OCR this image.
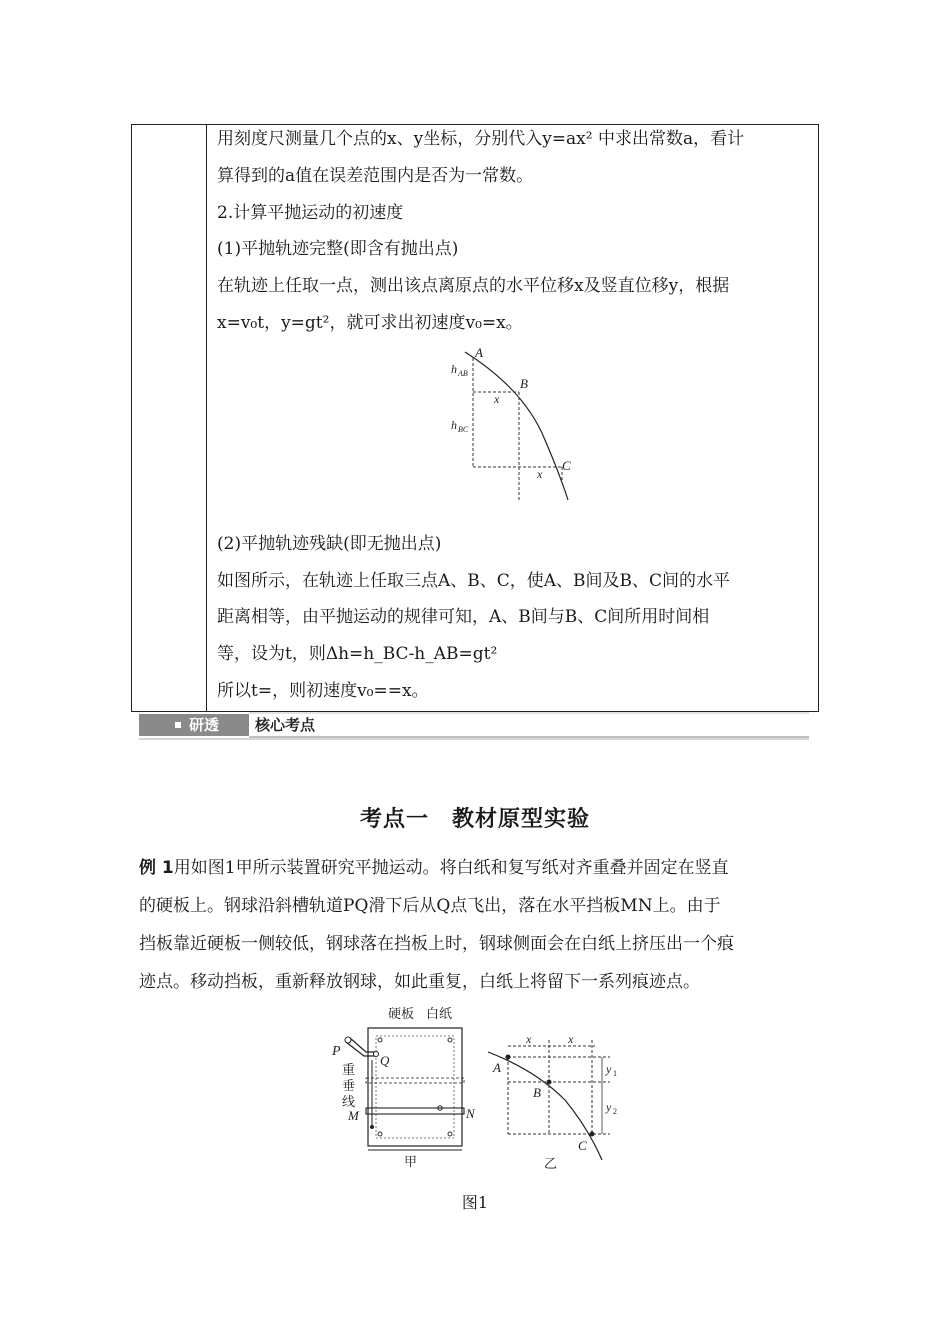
用刻度尺测量几个点的x、y坐标，分别代入y=ax² 中求出常数a，看计
算得到的a值在误差范围内是否为一常数。
2.计算平抛运动的初速度
(1)平抛轨迹完整(即含有抛出点)
在轨迹上任取一点，测出该点离原点的水平位移x及竖直位移y，根据
x=v₀t，y=gt²，就可求出初速度v₀=x。
A
B
C
h AB
h BC
x
x
(2)平抛轨迹残缺(即无抛出点)
如图所示，在轨迹上任取三点A、B、C，使A、B间及B、C间的水平
距离相等，由平抛运动的规律可知，A、B间与B、C间所用时间相
等，设为t，则Δh=h_BC-h_AB=gt²
所以t=，则初速度v₀==x。
研透	核心考点
考点一　教材原型实验
例 1用如图1甲所示装置研究平抛运动。将白纸和复写纸对齐重叠并固定在竖直
的硬板上。钢球沿斜槽轨道PQ滑下后从Q点飞出，落在水平挡板MN上。由于
挡板靠近硬板一侧较低，钢球落在挡板上时，钢球侧面会在白纸上挤压出一个痕
迹点。移动挡板，重新释放钢球，如此重复，白纸上将留下一系列痕迹点。
硬板 白纸
P
Q
重
垂
线
M	N
甲
x	x
y 1
y 2
A
B
C
乙
图1
